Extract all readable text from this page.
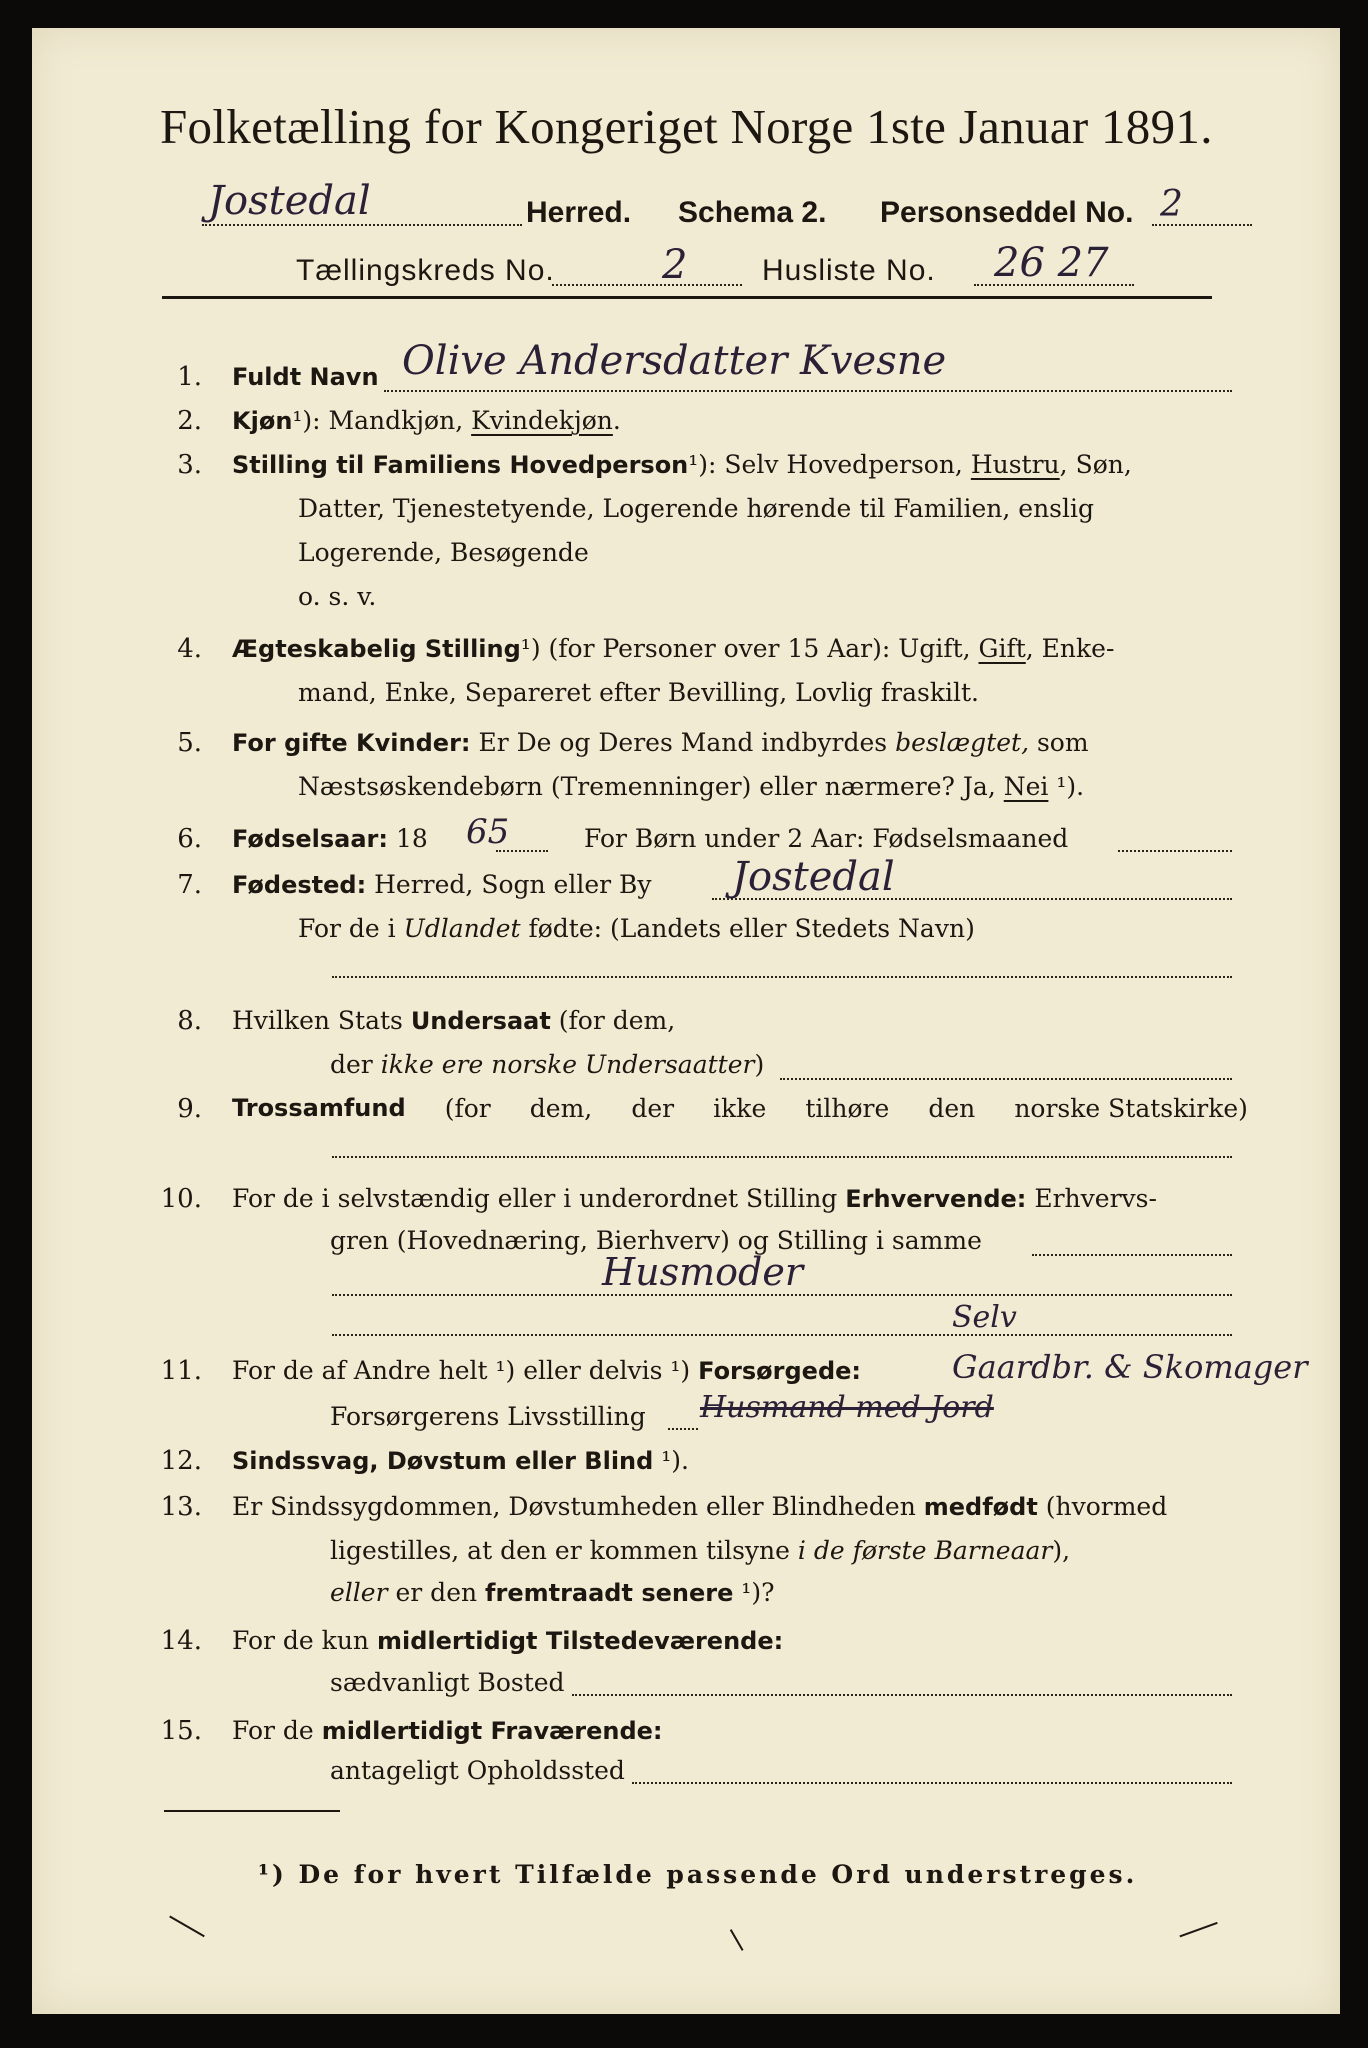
Folketælling for Kongeriget Norge 1ste Januar 1891.
Jostedal	Herred. Schema 2. Personseddel No. 2
Tællingskreds No.	2 Husliste No. 26 27
1. Fuldt Navn Olive Andersdatter Kvesne
2. Kjøn¹): Mandkjøn, Kvindekjøn.
3. Stilling til Familiens Hovedperson¹): Selv Hovedperson, Hustru, Søn,
Datter, Tjenestetyende, Logerende hørende til Familien, enslig
Logerende, Besøgende
o. s. v.
4. Ægteskabelig Stilling¹) (for Personer over 15 Aar): Ugift, Gift, Enke-
mand, Enke, Separeret efter Bevilling, Lovlig fraskilt.
5. For gifte Kvinder: Er De og Deres Mand indbyrdes beslægtet, som
Næstsøskendebørn (Tremenninger) eller nærmere? Ja, Nei ¹).
6. Fødselsaar: 18 65	For Børn under 2 Aar: Fødselsmaaned
7. Fødested: Herred, Sogn eller By Jostedal
For de i Udlandet fødte: (Landets eller Stedets Navn)
8. Hvilken Stats Undersaat (for dem,
der ikke ere norske Undersaatter)
9. Trossamfund (for dem, der ikke tilhøre den norske Statskirke)
10. For de i selvstændig eller i underordnet Stilling Erhvervende: Erhvervs-
gren (Hovednæring, Bierhverv) og Stilling i samme
Husmoder
Selv
11. For de af Andre helt ¹) eller delvis ¹) Forsørgede:	Gaardbr. & Skomager
Forsørgerens Livsstilling Husmand med Jord
12. Sindssvag, Døvstum eller Blind ¹).
13. Er Sindssygdommen, Døvstumheden eller Blindheden medfødt (hvormed
ligestilles, at den er kommen tilsyne i de første Barneaar),
eller er den fremtraadt senere ¹)?
14. For de kun midlertidigt Tilstedeværende:
sædvanligt Bosted
15. For de midlertidigt Fraværende:
antageligt Opholdssted
¹) De for hvert Tilfælde passende Ord understreges.
